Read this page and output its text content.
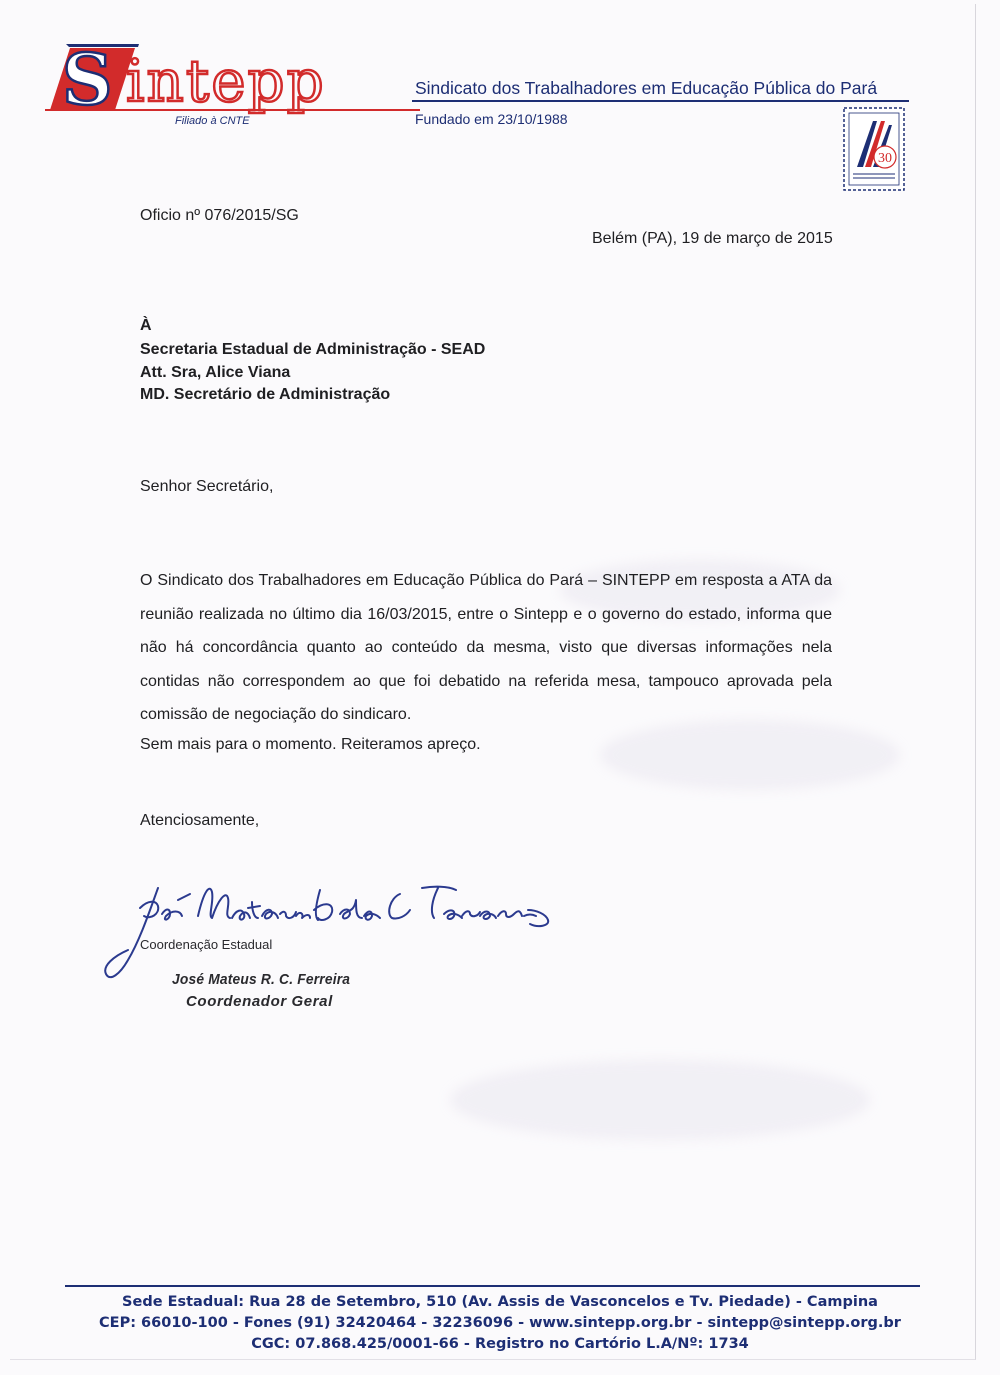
S intepp
Filiado à CNTE
Sindicato dos Trabalhadores em Educação Pública do Pará
Fundado em 23/10/1988
30
Oficio nº 076/2015/SG
Belém (PA), 19 de março de 2015
À
Secretaria Estadual de Administração - SEAD
Att. Sra, Alice Viana
MD. Secretário de Administração
Senhor Secretário,
O Sindicato dos Trabalhadores em Educação Pública do Pará – SINTEPP em resposta a ATA da
reunião realizada no último dia 16/03/2015, entre o Sintepp e o governo do estado, informa que
não há concordância quanto ao conteúdo da mesma, visto que diversas informações nela
contidas não correspondem ao que foi debatido na referida mesa, tampouco aprovada pela
comissão de negociação do sindicaro.
Sem mais para o momento. Reiteramos apreço.
Atenciosamente,
Coordenação Estadual
José Mateus R. C. Ferreira
Coordenador Geral
Sede Estadual: Rua 28 de Setembro, 510 (Av. Assis de Vasconcelos e Tv. Piedade) - Campina
CEP: 66010-100 - Fones (91) 32420464 - 32236096 - www.sintepp.org.br - sintepp@sintepp.org.br
CGC: 07.868.425/0001-66 - Registro no Cartório L.A/Nº: 1734
